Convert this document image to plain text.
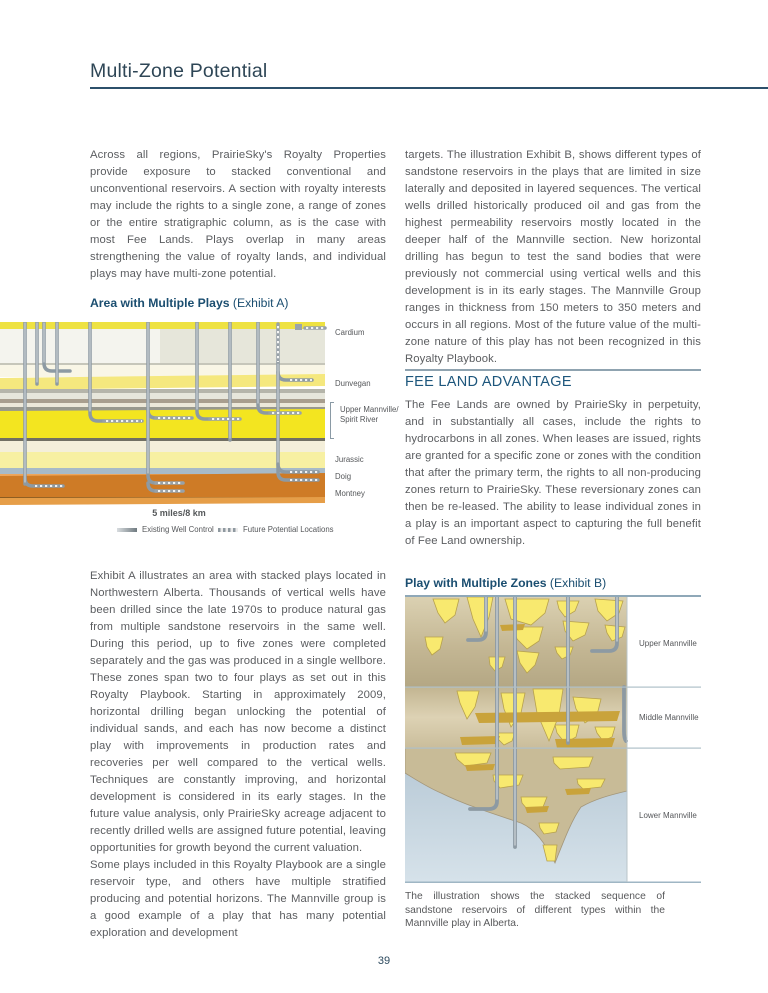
Multi-Zone Potential
Across all regions, PrairieSky's Royalty Properties provide exposure to stacked conventional and unconventional reservoirs. A section with royalty interests may include the rights to a single zone, a range of zones or the entire stratigraphic column, as is the case with most Fee Lands. Plays overlap in many areas strengthening the value of royalty lands, and individual plays may have multi-zone potential.
Area with Multiple Plays (Exhibit A)
Cardium
Dunvegan
Upper Mannville/
Spirit River
Jurassic
Doig
Montney
5 miles/8 km
Existing Well Control	Future Potential Locations
Exhibit A illustrates an area with stacked plays located in Northwestern Alberta. Thousands of vertical wells have been drilled since the late 1970s to produce natural gas from multiple sandstone reservoirs in the same well. During this period, up to five zones were completed separately and the gas was produced in a single wellbore. These zones span two to four plays as set out in this Royalty Playbook. Starting in approximately 2009, horizontal drilling began unlocking the potential of individual sands, and each has now become a distinct play with improvements in production rates and recoveries per well compared to the vertical wells. Techniques are constantly improving, and horizontal development is considered in its early stages. In the future value analysis, only PrairieSky acreage adjacent to recently drilled wells are assigned future potential, leaving opportunities for growth beyond the current valuation.
Some plays included in this Royalty Playbook are a single reservoir type, and others have multiple stratified producing and potential horizons. The Mannville group is a good example of a play that has many potential exploration and development
targets. The illustration Exhibit B, shows different types of sandstone reservoirs in the plays that are limited in size laterally and deposited in layered sequences. The vertical wells drilled historically produced oil and gas from the highest permeability reservoirs mostly located in the deeper half of the Mannville section. New horizontal drilling has begun to test the sand bodies that were previously not commercial using vertical wells and this development is in its early stages. The Mannville Group ranges in thickness from 150 meters to 350 meters and occurs in all regions. Most of the future value of the multi-zone nature of this play has not been recognized in this Royalty Playbook.
FEE LAND ADVANTAGE
The Fee Lands are owned by PrairieSky in perpetuity, and in substantially all cases, include the rights to hydrocarbons in all zones. When leases are issued, rights are granted for a specific zone or zones with the condition that after the primary term, the rights to all non-producing zones return to PrairieSky. These reversionary zones can then be re-leased. The ability to lease individual zones in a play is an important aspect to capturing the full benefit of Fee Land ownership.
Play with Multiple Zones (Exhibit B)
Upper Mannville
Middle Mannville
Lower Mannville
The illustration shows the stacked sequence of sandstone reservoirs of different types within the Mannville play in Alberta.
39
